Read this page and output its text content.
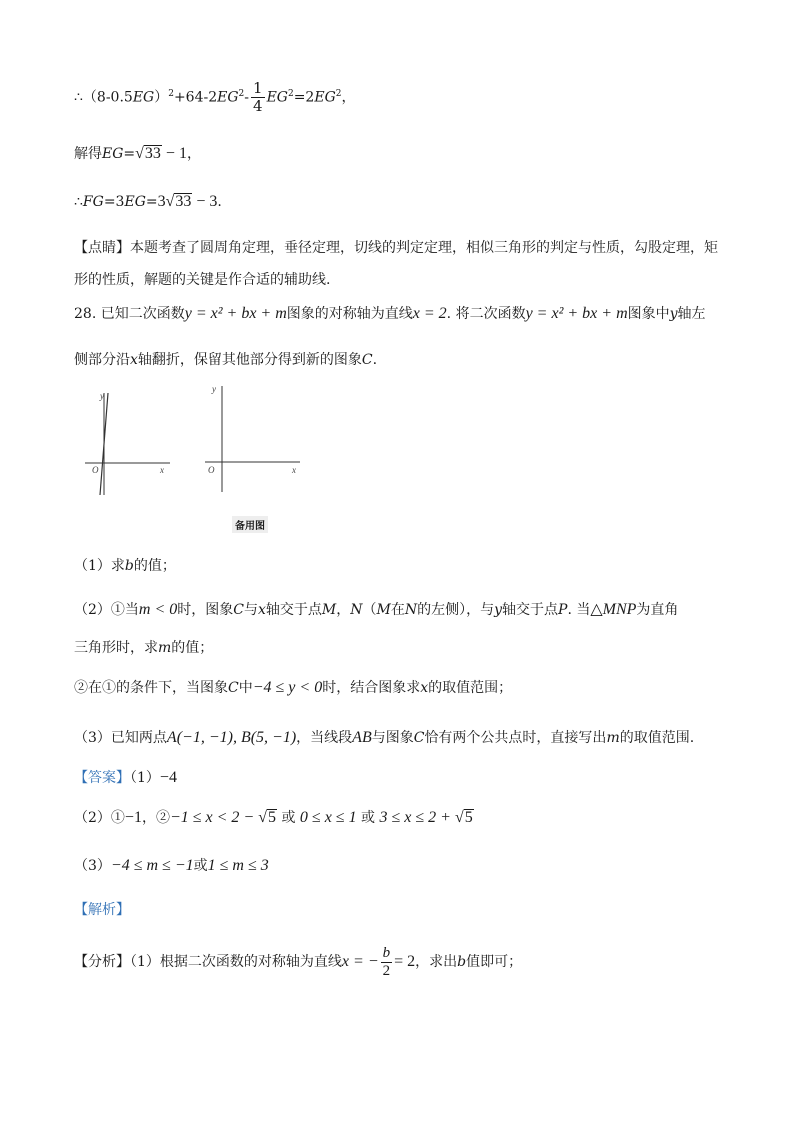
$\therefore(8-0.5EG)^2+64-2EG^2- \frac{1}{4} EG^2=2EG^2$，
解得EG=√33 − 1，
∴FG=3EG=3√33 − 3.
【点睛】本题考查了圆周角定理，垂径定理，切线的判定定理，相似三角形的判定与性质，勾股定理，矩
形的性质，解题的关键是作合适的辅助线.
28. 已知二次函数y = x² + bx + m图象的对称轴为直线x = 2. 将二次函数y = x² + bx + m图象中y轴左
侧部分沿x轴翻折，保留其他部分得到新的图象C.
y
x
O
y
x
O
备用图
（1）求b的值；
（2）①当m < 0时，图象C与x轴交于点M，N（M在N的左侧），与y轴交于点P. 当△MNP为直角
三角形时，求m的值；
②在①的条件下，当图象C中−4 ≤ y < 0时，结合图象求x的取值范围；
（3）已知两点A(−1, −1), B(5, −1)，当线段AB与图象C恰有两个公共点时，直接写出m的取值范围.
【答案】（1）−4
（2）①−1，②−1 ≤ x < 2 − √5 或 0 ≤ x ≤ 1 或 3 ≤ x ≤ 2 + √5
（3）−4 ≤ m ≤ −1或1 ≤ m ≤ 3
【解析】
【分析】（1）根据二次函数的对称轴为直线x = − $\frac{b}{2} = 2$，求出b值即可；
